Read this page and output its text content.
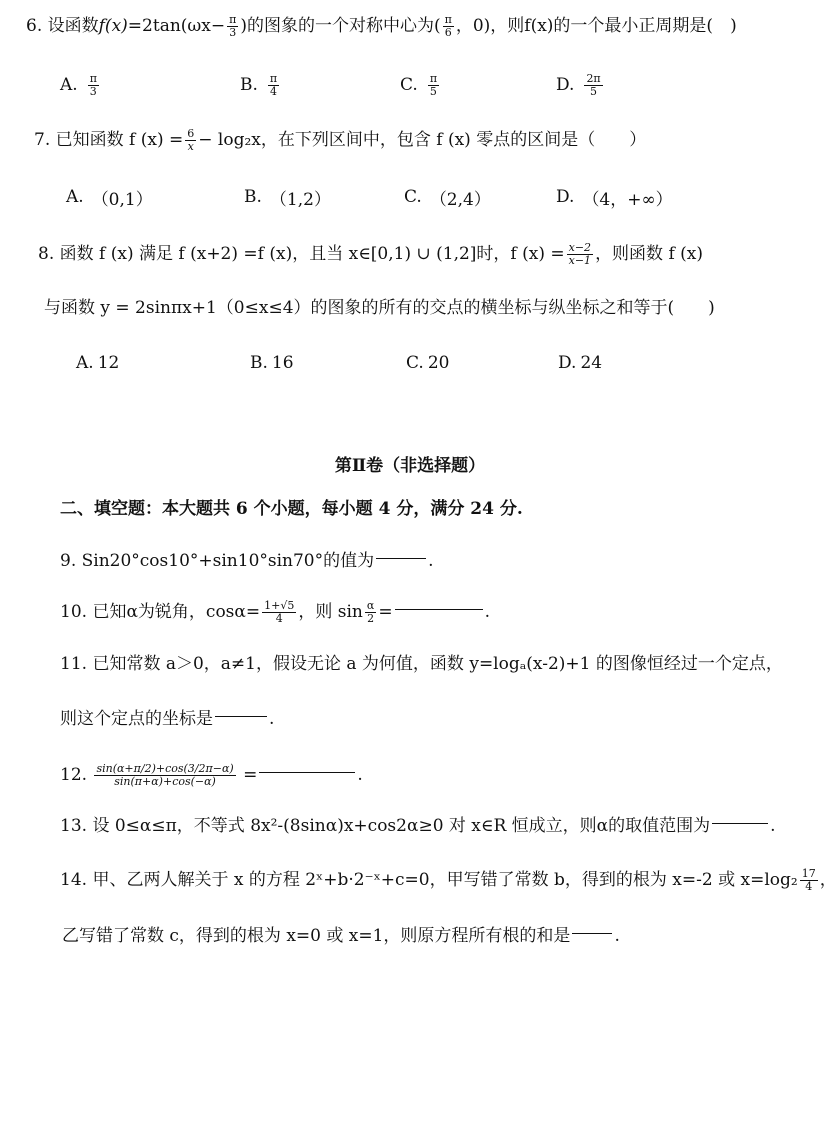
6.
设函数 $f(x) =2\tan(\omega x- \frac{\pi}{3}$ )的图象的一个对称中心为( $\frac{\pi}{6}$ ，0)，则f(x)的一个最小正周期是(　)
A. $\frac{\pi}{3}$	B. $\frac{\pi}{4}$	C. $\frac{\pi}{5}$	D. $\frac{2\pi}{5}$
7.
已知函数 f $(x) = \frac{6}{x} - \log_2x$，在下列区间中，包含 f (x) 零点的区间是（　　）
A. （0,1）	B. （1,2）	C. （2,4）	D. （4，+∞）
8.
函数 f (x) 满足 f (x+2) =f (x)，且当 x∈[0,1) ∪ (1,2]时，f $(x) = \frac{x-2}{x-1}$ ，则函数 f (x)
与函数 y = 2sinπx+1（0≤x≤4）的图象的所有的交点的横坐标与纵坐标之和等于(　　)
A. 12	B. 16	C. 20	D. 24
第Ⅱ卷（非选择题）
二、填空题：本大题共 6 个小题，每小题 4 分，满分 24 分.
9. Sin20°cos10°+sin10°sin70°的值为	.
10. 已知α为锐角，$\cos\alpha= \frac{1+√5}{4}$ ，则 $\sin \frac{\alpha}{2}$ =	.
11. 已知常数 a＞0，a≠1，假设无论 a 为何值，函数 y=logₐ(x-2)+1 的图像恒经过一个定点，
则这个定点的坐标是	.
12.
$\frac{\sin(\alpha+\pi/2)+\cos(3/2\pi-\alpha)}{\sin(\pi+\alpha)+\cos(-\alpha)}$
=	.
13. 设 0≤α≤π，不等式 8x²-(8sinα)x+cos2α≥0 对 x∈R 恒成立，则α的取值范围为	.
14. 甲、乙两人解关于 x 的方程 2ˣ+b·2⁻ˣ+c=0，甲写错了常数 b，得到的根为 x=-2 或 $x=\log_2 \frac{17}{4}$ ，
乙写错了常数 c，得到的根为 x=0 或 x=1，则原方程所有根的和是	.
